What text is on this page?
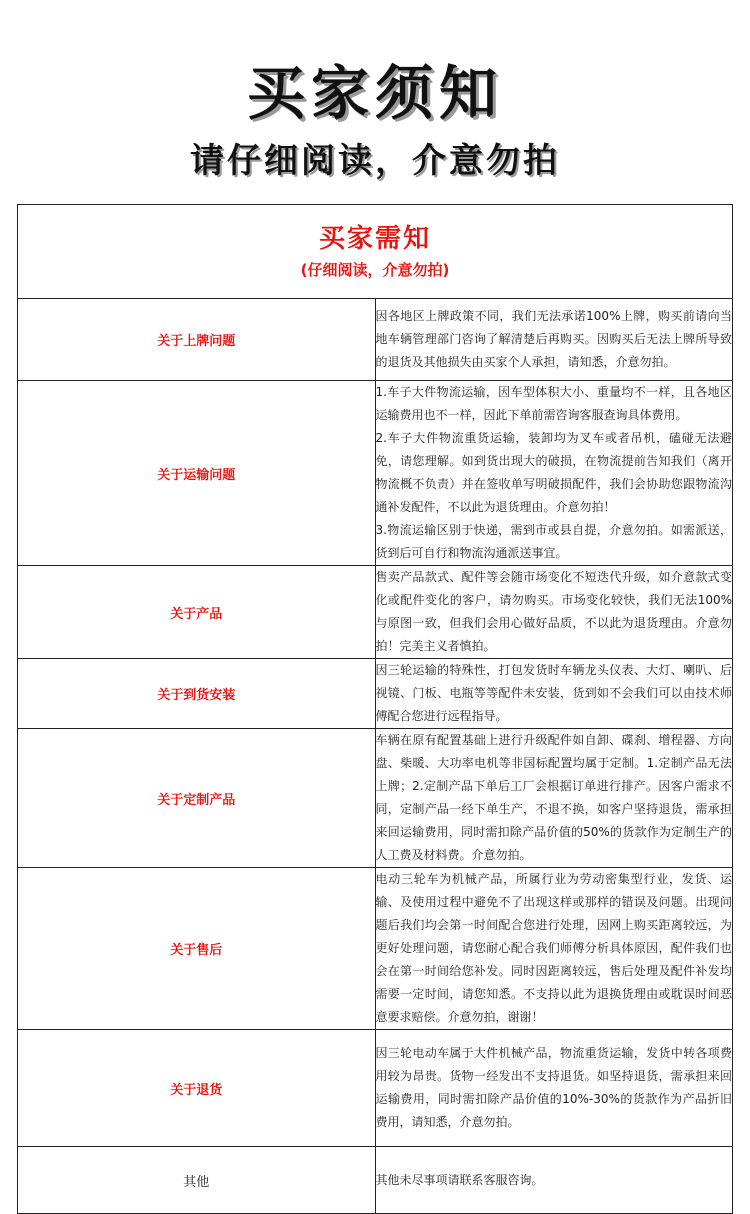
买家须知
请仔细阅读，介意勿拍
买家需知
(仔细阅读，介意勿拍)	

关于上牌问题	因各地区上牌政策不同，我们无法承诺100%上牌，购买前请向当地车辆管理部门咨询了解清楚后再购买。因购买后无法上牌所导致的退货及其他损失由买家个人承担，请知悉，介意勿拍。

关于运输问题	1.车子大件物流运输，因车型体积大小、重量均不一样，且各地区运输费用也不一样，因此下单前需咨询客服查询具体费用。

2.车子大件物流重货运输，装卸均为叉车或者吊机，磕碰无法避免，请您理解。如到货出现大的破损，在物流提前告知我们（离开物流概不负责）并在签收单写明破损配件，我们会协助您跟物流沟通补发配件，不以此为退货理由。介意勿拍！

3.物流运输区别于快递，需到市或县自提，介意勿拍。如需派送，货到后可自行和物流沟通派送事宜。

关于产品	售卖产品款式、配件等会随市场变化不短迭代升级，如介意款式变化或配件变化的客户，请勿购买。市场变化较快，我们无法100%与原图一致，但我们会用心做好品质，不以此为退货理由。介意勿拍！完美主义者慎拍。

关于到货安装	因三轮运输的特殊性，打包发货时车辆龙头仪表、大灯、喇叭、后视镜、门板、电瓶等等配件未安装，货到如不会我们可以由技术师傅配合您进行远程指导。

关于定制产品	车辆在原有配置基础上进行升级配件如自卸、碟刹、增程器、方向盘、柴暖、大功率电机等非国标配置均属于定制。1.定制产品无法上牌；2.定制产品下单后工厂会根据订单进行排产。因客户需求不同，定制产品一经下单生产，不退不换，如客户坚持退货，需承担来回运输费用，同时需扣除产品价值的50%的货款作为定制生产的人工费及材料费。介意勿拍。

关于售后	电动三轮车为机械产品，所属行业为劳动密集型行业，发货、运输、及使用过程中避免不了出现这样或那样的错误及问题。出现问题后我们均会第一时间配合您进行处理，因网上购买距离较远，为更好处理问题，请您耐心配合我们师傅分析具体原因，配件我们也会在第一时间给您补发。同时因距离较远，售后处理及配件补发均需要一定时间，请您知悉。不支持以此为退换货理由或耽误时间恶意要求赔偿。介意勿拍，谢谢！

关于退货	因三轮电动车属于大件机械产品，物流重货运输，发货中转各项费用较为昂贵。货物一经发出不支持退货。如坚持退货，需承担来回运输费用，同时需扣除产品价值的10%-30%的货款作为产品折旧费用，请知悉，介意勿拍。

其他	其他未尽事项请联系客服咨询。
